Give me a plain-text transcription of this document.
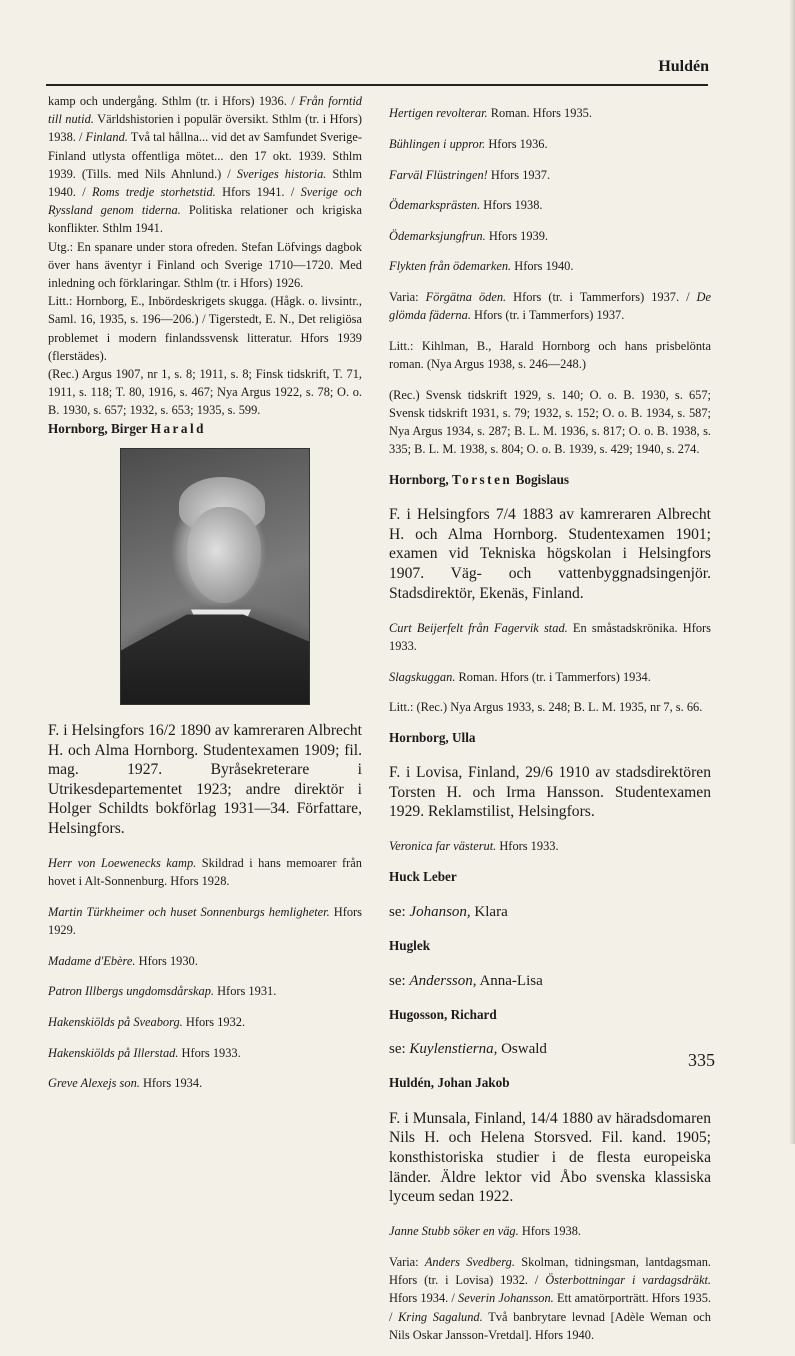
Huldén

kamp och undergång. Sthlm (tr. i Hfors) 1936. / Från forntid till nutid. Världshistorien i populär översikt. Sthlm (tr. i Hfors) 1938. / Finland. Två tal hållna... vid det av Samfundet Sverige-Finland utlysta offentliga mötet... den 17 okt. 1939. Sthlm 1939. (Tills. med Nils Ahnlund.) / Sveriges historia. Sthlm 1940. / Roms tredje storhetstid. Hfors 1941. / Sverige och Ryssland genom tiderna. Politiska relationer och krigiska konflikter. Sthlm 1941.

Utg.: En spanare under stora ofreden. Stefan Löfvings dagbok över hans äventyr i Finland och Sverige 1710—1720. Med inledning och förklaringar. Sthlm (tr. i Hfors) 1926.

Litt.: Hornborg, E., Inbördeskrigets skugga. (Hågk. o. livsintr., Saml. 16, 1935, s. 196—206.) / Tigerstedt, E. N., Det religiösa problemet i modern finlandssvensk litteratur. Hfors 1939 (flerstädes).

(Rec.) Argus 1907, nr 1, s. 8; 1911, s. 8; Finsk tidskrift, T. 71, 1911, s. 118; T. 80, 1916, s. 467; Nya Argus 1922, s. 78; O. o. B. 1930, s. 657; 1932, s. 653; 1935, s. 599.

Hornborg, Birger Harald

F. i Helsingfors 16/2 1890 av kamreraren Albrecht H. och Alma Hornborg. Studentexamen 1909; fil. mag. 1927. Byråsekreterare i Utrikesdepartementet 1923; andre direktör i Holger Schildts bokförlag 1931—34. Författare, Helsingfors.

Herr von Loewenecks kamp. Skildrad i hans memoarer från hovet i Alt-Sonnenburg. Hfors 1928.

Martin Türkheimer och huset Sonnenburgs hemligheter. Hfors 1929.

Madame d'Ebère. Hfors 1930.

Patron Illbergs ungdomsdårskap. Hfors 1931.

Hakenskiölds på Sveaborg. Hfors 1932.

Hakenskiölds på Illerstad. Hfors 1933.

Greve Alexejs son. Hfors 1934.

Hertigen revolterar. Roman. Hfors 1935.

Bühlingen i uppror. Hfors 1936.

Farväl Flüstringen! Hfors 1937.

Ödemarksprästen. Hfors 1938.

Ödemarksjungfrun. Hfors 1939.

Flykten från ödemarken. Hfors 1940.

Varia: Förgätna öden. Hfors (tr. i Tammerfors) 1937. / De glömda fäderna. Hfors (tr. i Tammerfors) 1937.

Litt.: Kihlman, B., Harald Hornborg och hans prisbelönta roman. (Nya Argus 1938, s. 246—248.)

(Rec.) Svensk tidskrift 1929, s. 140; O. o. B. 1930, s. 657; Svensk tidskrift 1931, s. 79; 1932, s. 152; O. o. B. 1934, s. 587; Nya Argus 1934, s. 287; B. L. M. 1936, s. 817; O. o. B. 1938, s. 335; B. L. M. 1938, s. 804; O. o. B. 1939, s. 429; 1940, s. 274.

Hornborg, Torsten Bogislaus

F. i Helsingfors 7/4 1883 av kamreraren Albrecht H. och Alma Hornborg. Studentexamen 1901; examen vid Tekniska högskolan i Helsingfors 1907. Väg- och vattenbyggnadsingenjör. Stadsdirektör, Ekenäs, Finland.

Curt Beijerfelt från Fagervik stad. En småstadskrönika. Hfors 1933.

Slagskuggan. Roman. Hfors (tr. i Tammerfors) 1934.

Litt.: (Rec.) Nya Argus 1933, s. 248; B. L. M. 1935, nr 7, s. 66.

Hornborg, Ulla

F. i Lovisa, Finland, 29/6 1910 av stadsdirektören Torsten H. och Irma Hansson. Studentexamen 1929. Reklamstilist, Helsingfors.

Veronica far västerut. Hfors 1933.

Huck Leber

se: Johanson, Klara

Huglek

se: Andersson, Anna-Lisa

Hugosson, Richard

se: Kuylenstierna, Oswald

Huldén, Johan Jakob

F. i Munsala, Finland, 14/4 1880 av häradsdomaren Nils H. och Helena Storsved. Fil. kand. 1905; konsthistoriska studier i de flesta europeiska länder. Äldre lektor vid Åbo svenska klassiska lyceum sedan 1922.

Janne Stubb söker en väg. Hfors 1938.

Varia: Anders Svedberg. Skolman, tidningsman, lantdagsman. Hfors (tr. i Lovisa) 1932. / Österbottningar i vardagsdräkt. Hfors 1934. / Severin Johansson. Ett amatörporträtt. Hfors 1935. / Kring Sagalund. Två banbrytare levnad [Adèle Weman och Nils Oskar Jansson-Vretdal]. Hfors 1940.

335
